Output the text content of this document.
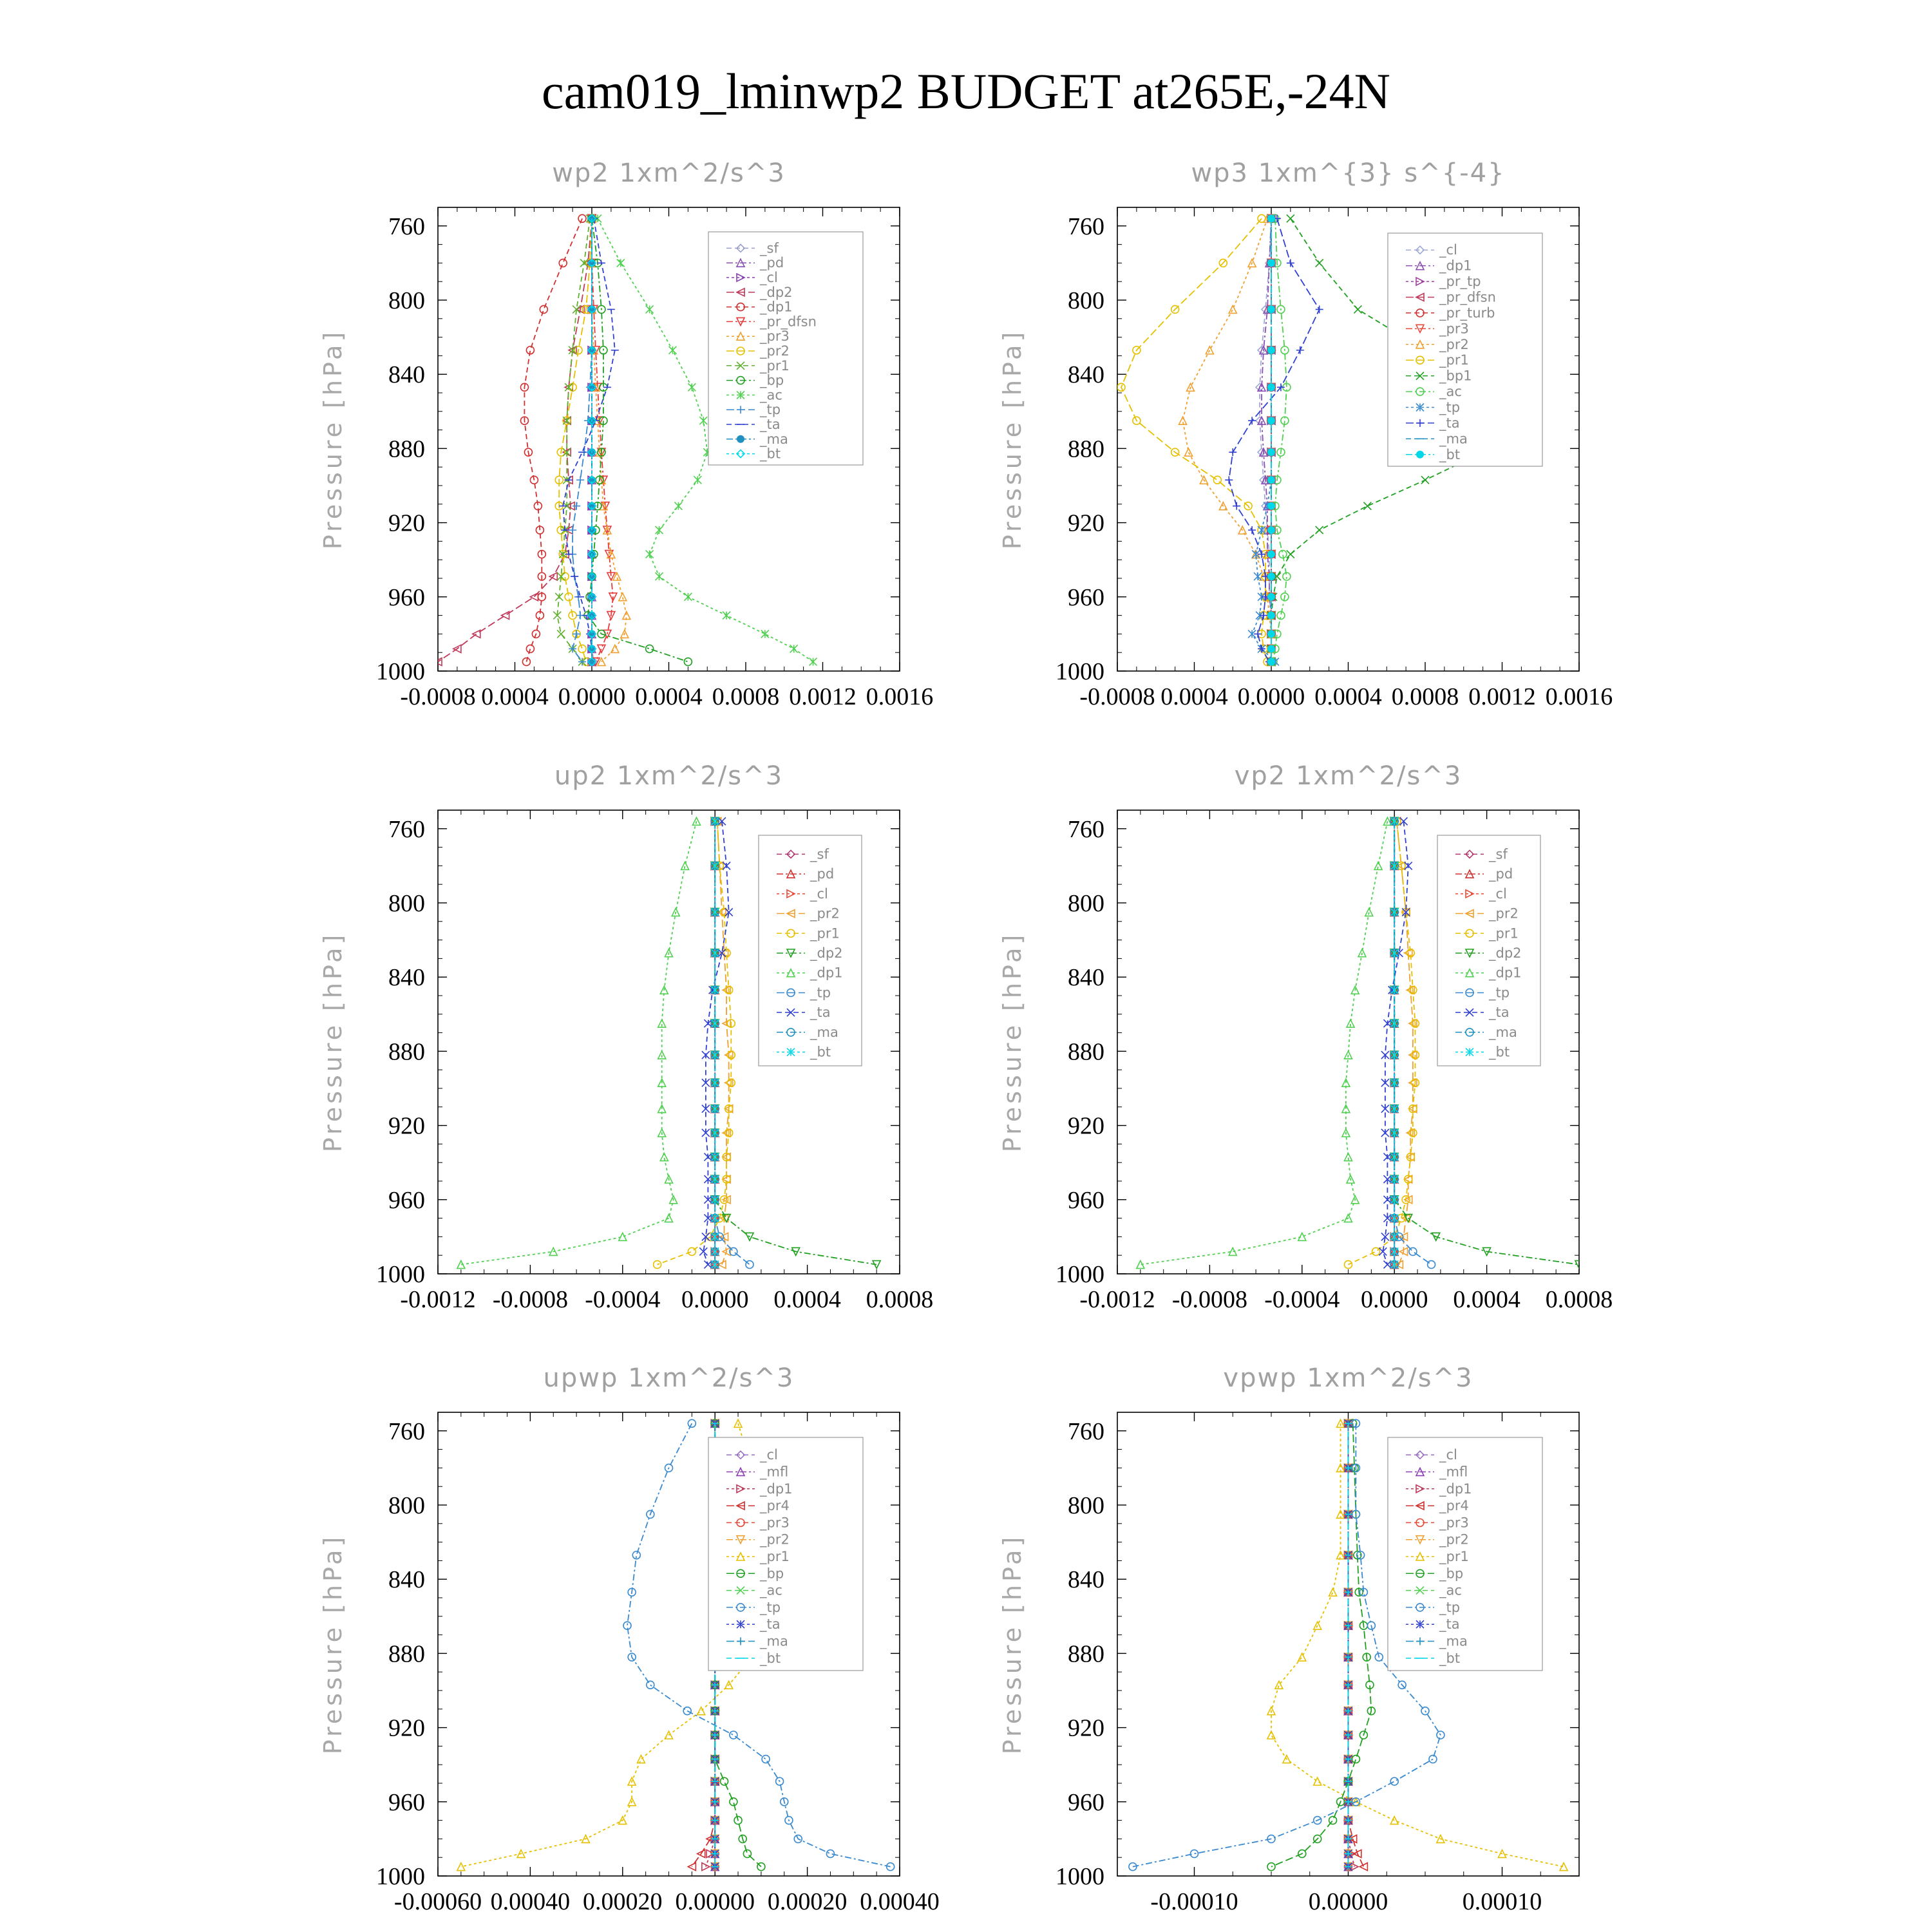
cam019_lminwp2 BUDGET at265E,-24N
wp2 1xm^2/s^3
Pressure [hPa]
760
800
840
880
920
960
1000
-0.0008 0.0004 0.0000 0.0004 0.0008 0.0012 0.0016
_sf
_pd
_cl
_dp2
_dp1
_pr_dfsn
_pr3
_pr2
_pr1
_bp
_ac
_tp
_ta
_ma
_bt
wp3 1xm^{3} s^{-4}
Pressure [hPa]
760
800
840
880
920
960
1000
-0.0008 0.0004 0.0000 0.0004 0.0008 0.0012 0.0016
_cl
_dp1
_pr_tp
_pr_dfsn
_pr_turb
_pr3
_pr2
_pr1
_bp1
_ac
_tp
_ta
_ma
_bt
up2 1xm^2/s^3
Pressure [hPa]
760
800
840
880
920
960
1000
-0.0012 -0.0008 -0.0004 0.0000 0.0004 0.0008
_sf
_pd
_cl
_pr2
_pr1
_dp2
_dp1
_tp
_ta
_ma
_bt
vp2 1xm^2/s^3
Pressure [hPa]
760
800
840
880
920
960
1000
-0.0012 -0.0008 -0.0004 0.0000 0.0004 0.0008
_sf
_pd
_cl
_pr2
_pr1
_dp2
_dp1
_tp
_ta
_ma
_bt
upwp 1xm^2/s^3
Pressure [hPa]
760
800
840
880
920
960
1000
-0.00060 0.00040 0.00020 0.00000 0.00020 0.00040
_cl
_mfl
_dp1
_pr4
_pr3
_pr2
_pr1
_bp
_ac
_tp
_ta
_ma
_bt
vpwp 1xm^2/s^3
Pressure [hPa]
760
800
840
880
920
960
1000
-0.00010	0.00000	0.00010
_cl
_mfl
_dp1
_pr4
_pr3
_pr2
_pr1
_bp
_ac
_tp
_ta
_ma
_bt
